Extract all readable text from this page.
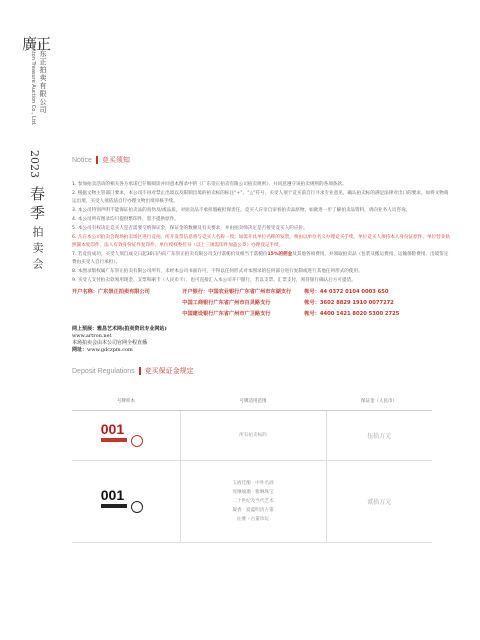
廣正
广东正拍卖有限公司
Canton Treasure Auction Co., Ltd.
2023
春季
拍卖会
Notice 竞买须知
1. 参加拍卖活动的相关各方承诺已仔细阅读并同意本图录中的《广东崇正拍卖有限公司拍卖规则》，并同意遵守该拍卖规则的各项条款。
2. 根据文物主管部门要求，本公司不再对禁止出境以及限制出境的拍卖标的标注“+”、“△”符号，买受人须于竞买前自行寻求专业意见，确认拍卖标的满足法律对出口的要求，如将文物商运出境，买受人须依法自行办理文物出境审核手续。
3. 本公司特别声明不能保证拍卖品的真伪及/或品质，对拍卖品不承担瑕疵担保责任，竞买人应亲自审看拍卖品原物，如欲进一步了解拍卖品资料，请向业务人员咨询。
4. 本公司所有图录均只提供繁印件，恕不提供原件。
5. 本公司有权决定竞买人是否需要交纳保证金，保证金的数额及有关要求，并由拍卖师决定是否接受竞买人的应价。
6. 凡在本公司拍卖会现场拍卖场区进行竞拍、所开发票信息将与竞买人名称一致；如需开具单位名称的发票，须由以单位名义办理竞买手续，单位竞买人须持本人身份证原件、单位营业执照副本复印件、法人有效身份证件复印件、单位授权委托书（以上三项需印件加盖公章）办理登记手续。
7. 若竞投成功，买受人须自成交日起30日内向广东崇正拍卖有限公司支付落槌价及相当于落槌价15%的佣金及其他各项费用，并领取拍卖品（包装及搬运费用、运输保险费用、出境鉴定费由买受人自行承担）。
8. 本图录版权属广东崇正拍卖有限公司所有，未经本公司书面许可，不得以任何形式对本图录的任何部分进行复制或进行其他任何形式的使用。
9. 买受人支付拍卖款须用现金、支票和刷卡（人民币卡），也可直接汇入本公司开户银行，若以支票、汇票支付，须待银行确认后方可提货。
开户名称：广东崇正拍卖有限公司	开户银行：中国农业银行广东省广州市东湖支行	帐号：44 0372 0104 0003 650
中国工商银行广东省广州市百灵路支行	帐号：3602 8829 1910 0077272
中国建设银行广东省广州市广卫路支行	帐号：4400 1421 8020 5300 2725
网上预展：雅昌艺术网(拍卖资讯专业网站)
www.artron.net
本场拍卖会由本公司官网全程直播
网址：www.gdczpm.com
Deposit Regulations 竞买保证金规定
号牌样本	号牌适用范围	保证金（人民币）

001	所有拍卖标的	伍拾万元

001	玉液佳酿 · 中外名酒
瑶琳瑜珊 · 雅琳珠宝
二十世纪及当代艺术
凝香 · 夏蕴明清古董
沁雅 · 古董珍玩	贰拾万元
